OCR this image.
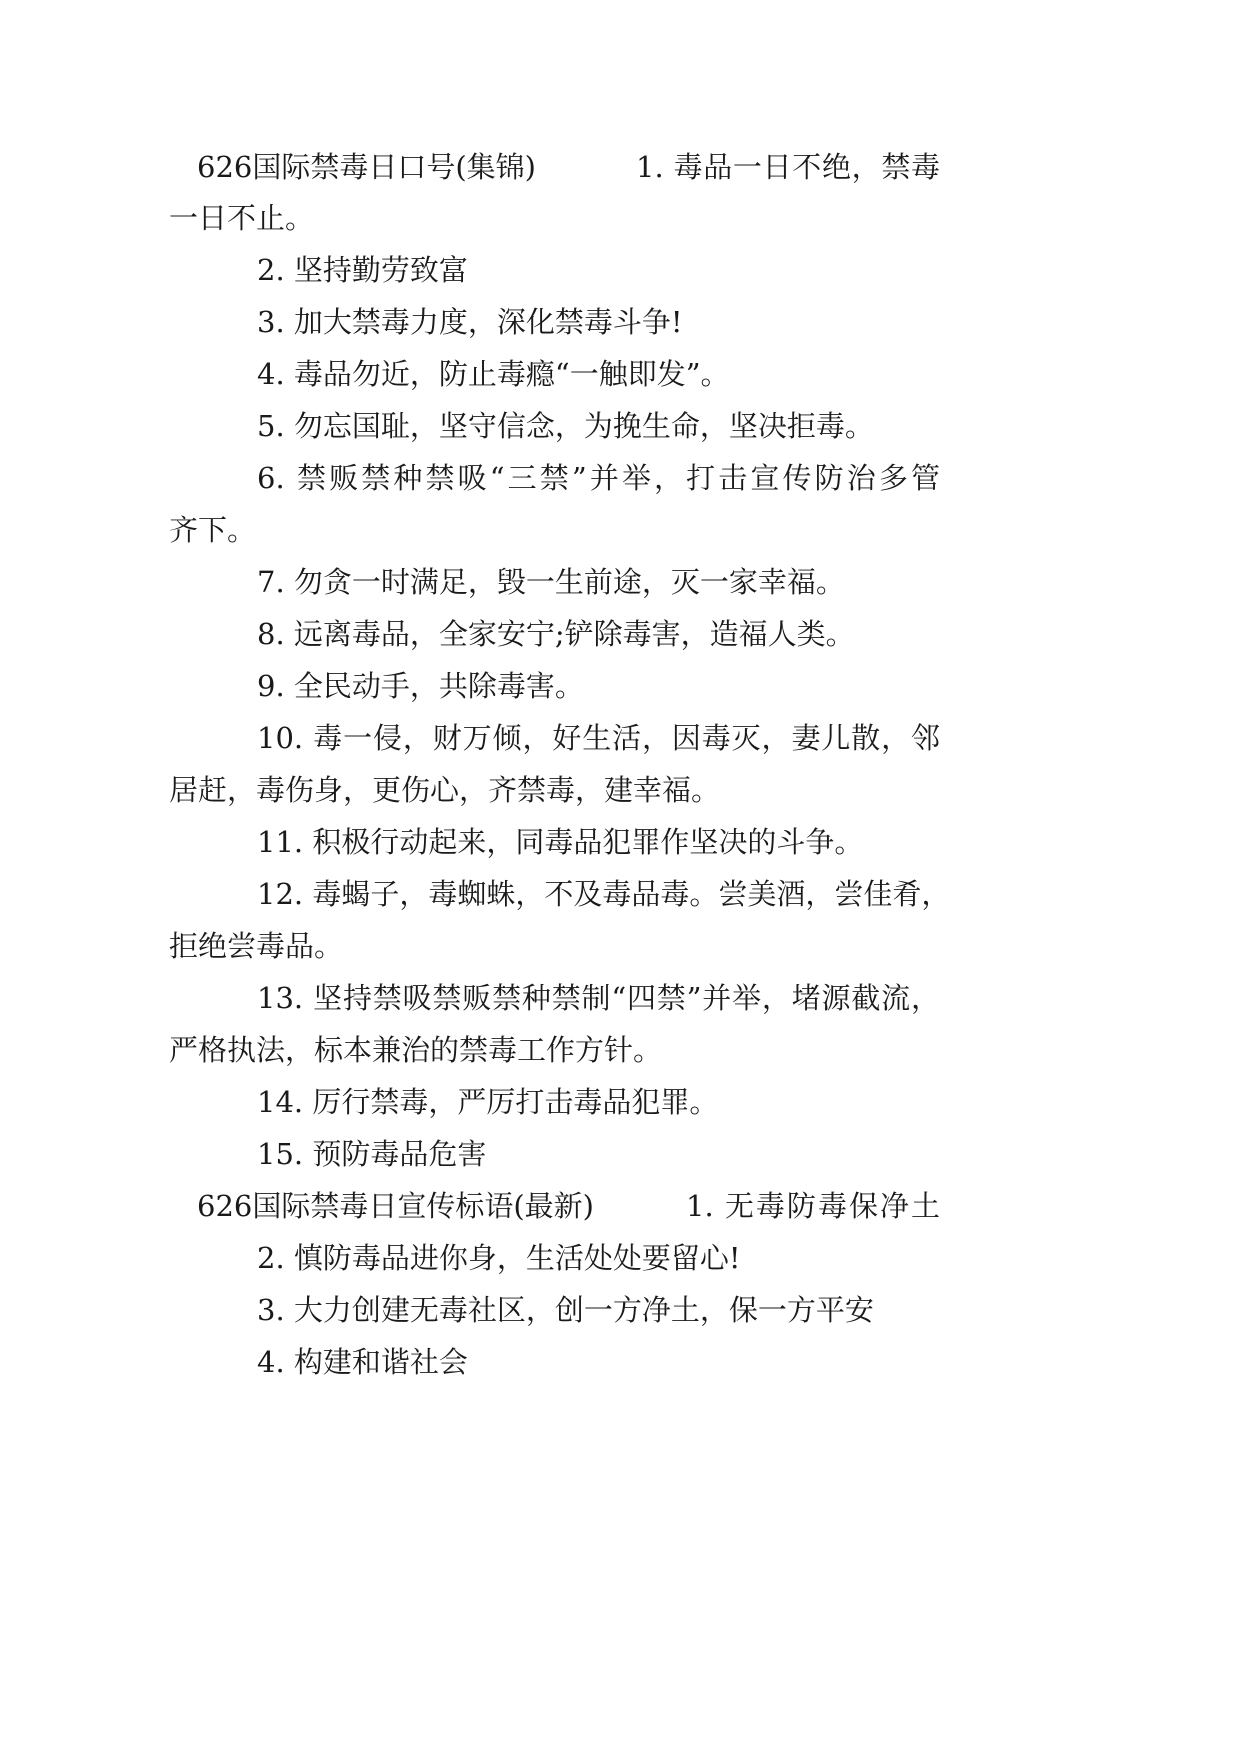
626国际禁毒日口号(集锦)	1. 毒品一日不绝，禁毒
一日不止。
2. 坚持勤劳致富
3. 加大禁毒力度，深化禁毒斗争!
4. 毒品勿近，防止毒瘾“一触即发”。
5. 勿忘国耻，坚守信念，为挽生命，坚决拒毒。
6. 禁贩禁种禁吸“三禁”并举，打击宣传防治多管
齐下。
7. 勿贪一时满足，毁一生前途，灭一家幸福。
8. 远离毒品，全家安宁;铲除毒害，造福人类。
9. 全民动手，共除毒害。
10. 毒一侵，财万倾，好生活，因毒灭，妻儿散，邻
居赶，毒伤身，更伤心，齐禁毒，建幸福。
11. 积极行动起来，同毒品犯罪作坚决的斗争。
12. 毒蝎子，毒蜘蛛，不及毒品毒。尝美酒，尝佳肴，
拒绝尝毒品。
13. 坚持禁吸禁贩禁种禁制“四禁”并举，堵源截流，
严格执法，标本兼治的禁毒工作方针。
14. 厉行禁毒，严厉打击毒品犯罪。
15. 预防毒品危害
626国际禁毒日宣传标语(最新)	1. 无毒防毒保净土
2. 慎防毒品进你身，生活处处要留心!
3. 大力创建无毒社区，创一方净土，保一方平安
4. 构建和谐社会
